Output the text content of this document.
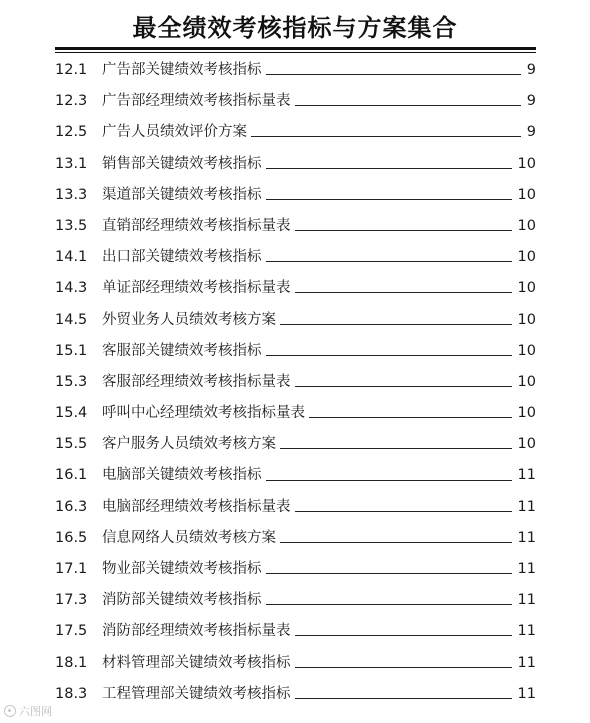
最全绩效考核指标与方案集合
12.1	广告部关键绩效考核指标	9
12.3	广告部经理绩效考核指标量表	9
12.5	广告人员绩效评价方案	9
13.1	销售部关键绩效考核指标	10
13.3	渠道部关键绩效考核指标	10
13.5	直销部经理绩效考核指标量表	10
14.1	出口部关键绩效考核指标	10
14.3	单证部经理绩效考核指标量表	10
14.5	外贸业务人员绩效考核方案	10
15.1	客服部关键绩效考核指标	10
15.3	客服部经理绩效考核指标量表	10
15.4	呼叫中心经理绩效考核指标量表	10
15.5	客户服务人员绩效考核方案	10
16.1	电脑部关键绩效考核指标	11
16.3	电脑部经理绩效考核指标量表	11
16.5	信息网络人员绩效考核方案	11
17.1	物业部关键绩效考核指标	11
17.3	消防部关键绩效考核指标	11
17.5	消防部经理绩效考核指标量表	11
18.1	材料管理部关键绩效考核指标	11
18.3	工程管理部关键绩效考核指标	11
六图网
